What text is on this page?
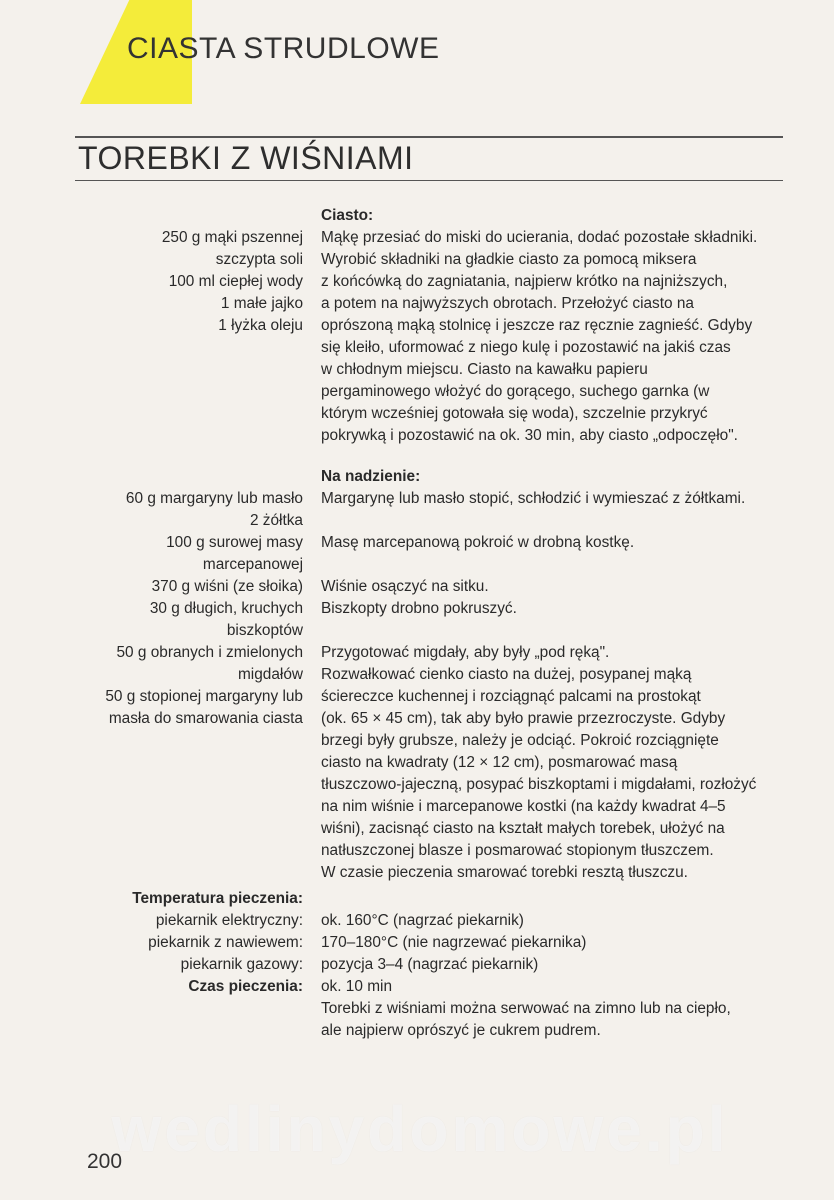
CIASTA STRUDLOWE
TOREBKI Z WIŚNIAMI
250 g mąki pszennej
szczypta soli
100 ml ciepłej wody
1 małe jajko
1 łyżka oleju
Ciasto:
Mąkę przesiać do miski do ucierania, dodać pozostałe składniki.
Wyrobić składniki na gładkie ciasto za pomocą miksera
z końcówką do zagniatania, najpierw krótko na najniższych,
a potem na najwyższych obrotach. Przełożyć ciasto na
oprószoną mąką stolnicę i jeszcze raz ręcznie zagnieść. Gdyby
się kleiło, uformować z niego kulę i pozostawić na jakiś czas
w chłodnym miejscu. Ciasto na kawałku papieru
pergaminowego włożyć do gorącego, suchego garnka (w
którym wcześniej gotowała się woda), szczelnie przykryć
pokrywką i pozostawić na ok. 30 min, aby ciasto „odpoczęło".
60 g margaryny lub masło
2 żółtka
100 g surowej masy
marcepanowej
370 g wiśni (ze słoika)
30 g długich, kruchych
biszkoptów
50 g obranych i zmielonych
migdałów
50 g stopionej margaryny lub
masła do smarowania ciasta
Na nadzienie:
Margarynę lub masło stopić, schłodzić i wymieszać z żółtkami.
Masę marcepanową pokroić w drobną kostkę.
Wiśnie osączyć na sitku.
Biszkopty drobno pokruszyć.
Przygotować migdały, aby były „pod ręką".
Rozwałkować cienko ciasto na dużej, posypanej mąką
ściereczce kuchennej i rozciągnąć palcami na prostokąt
(ok. 65 × 45 cm), tak aby było prawie przezroczyste. Gdyby
brzegi były grubsze, należy je odciąć. Pokroić rozciągnięte
ciasto na kwadraty (12 × 12 cm), posmarować masą
tłuszczowo-jajeczną, posypać biszkoptami i migdałami, rozłożyć
na nim wiśnie i marcepanowe kostki (na każdy kwadrat 4–5
wiśni), zacisnąć ciasto na kształt małych torebek, ułożyć na
natłuszczonej blasze i posmarować stopionym tłuszczem.
W czasie pieczenia smarować torebki resztą tłuszczu.
Temperatura pieczenia:
piekarnik elektryczny:
piekarnik z nawiewem:
piekarnik gazowy:
Czas pieczenia:
ok. 160°C (nagrzać piekarnik)
170–180°C (nie nagrzewać piekarnika)
pozycja 3–4 (nagrzać piekarnik)
ok. 10 min
Torebki z wiśniami można serwować na zimno lub na ciepło,
ale najpierw oprószyć je cukrem pudrem.
wedlinydomowe.pl
200
